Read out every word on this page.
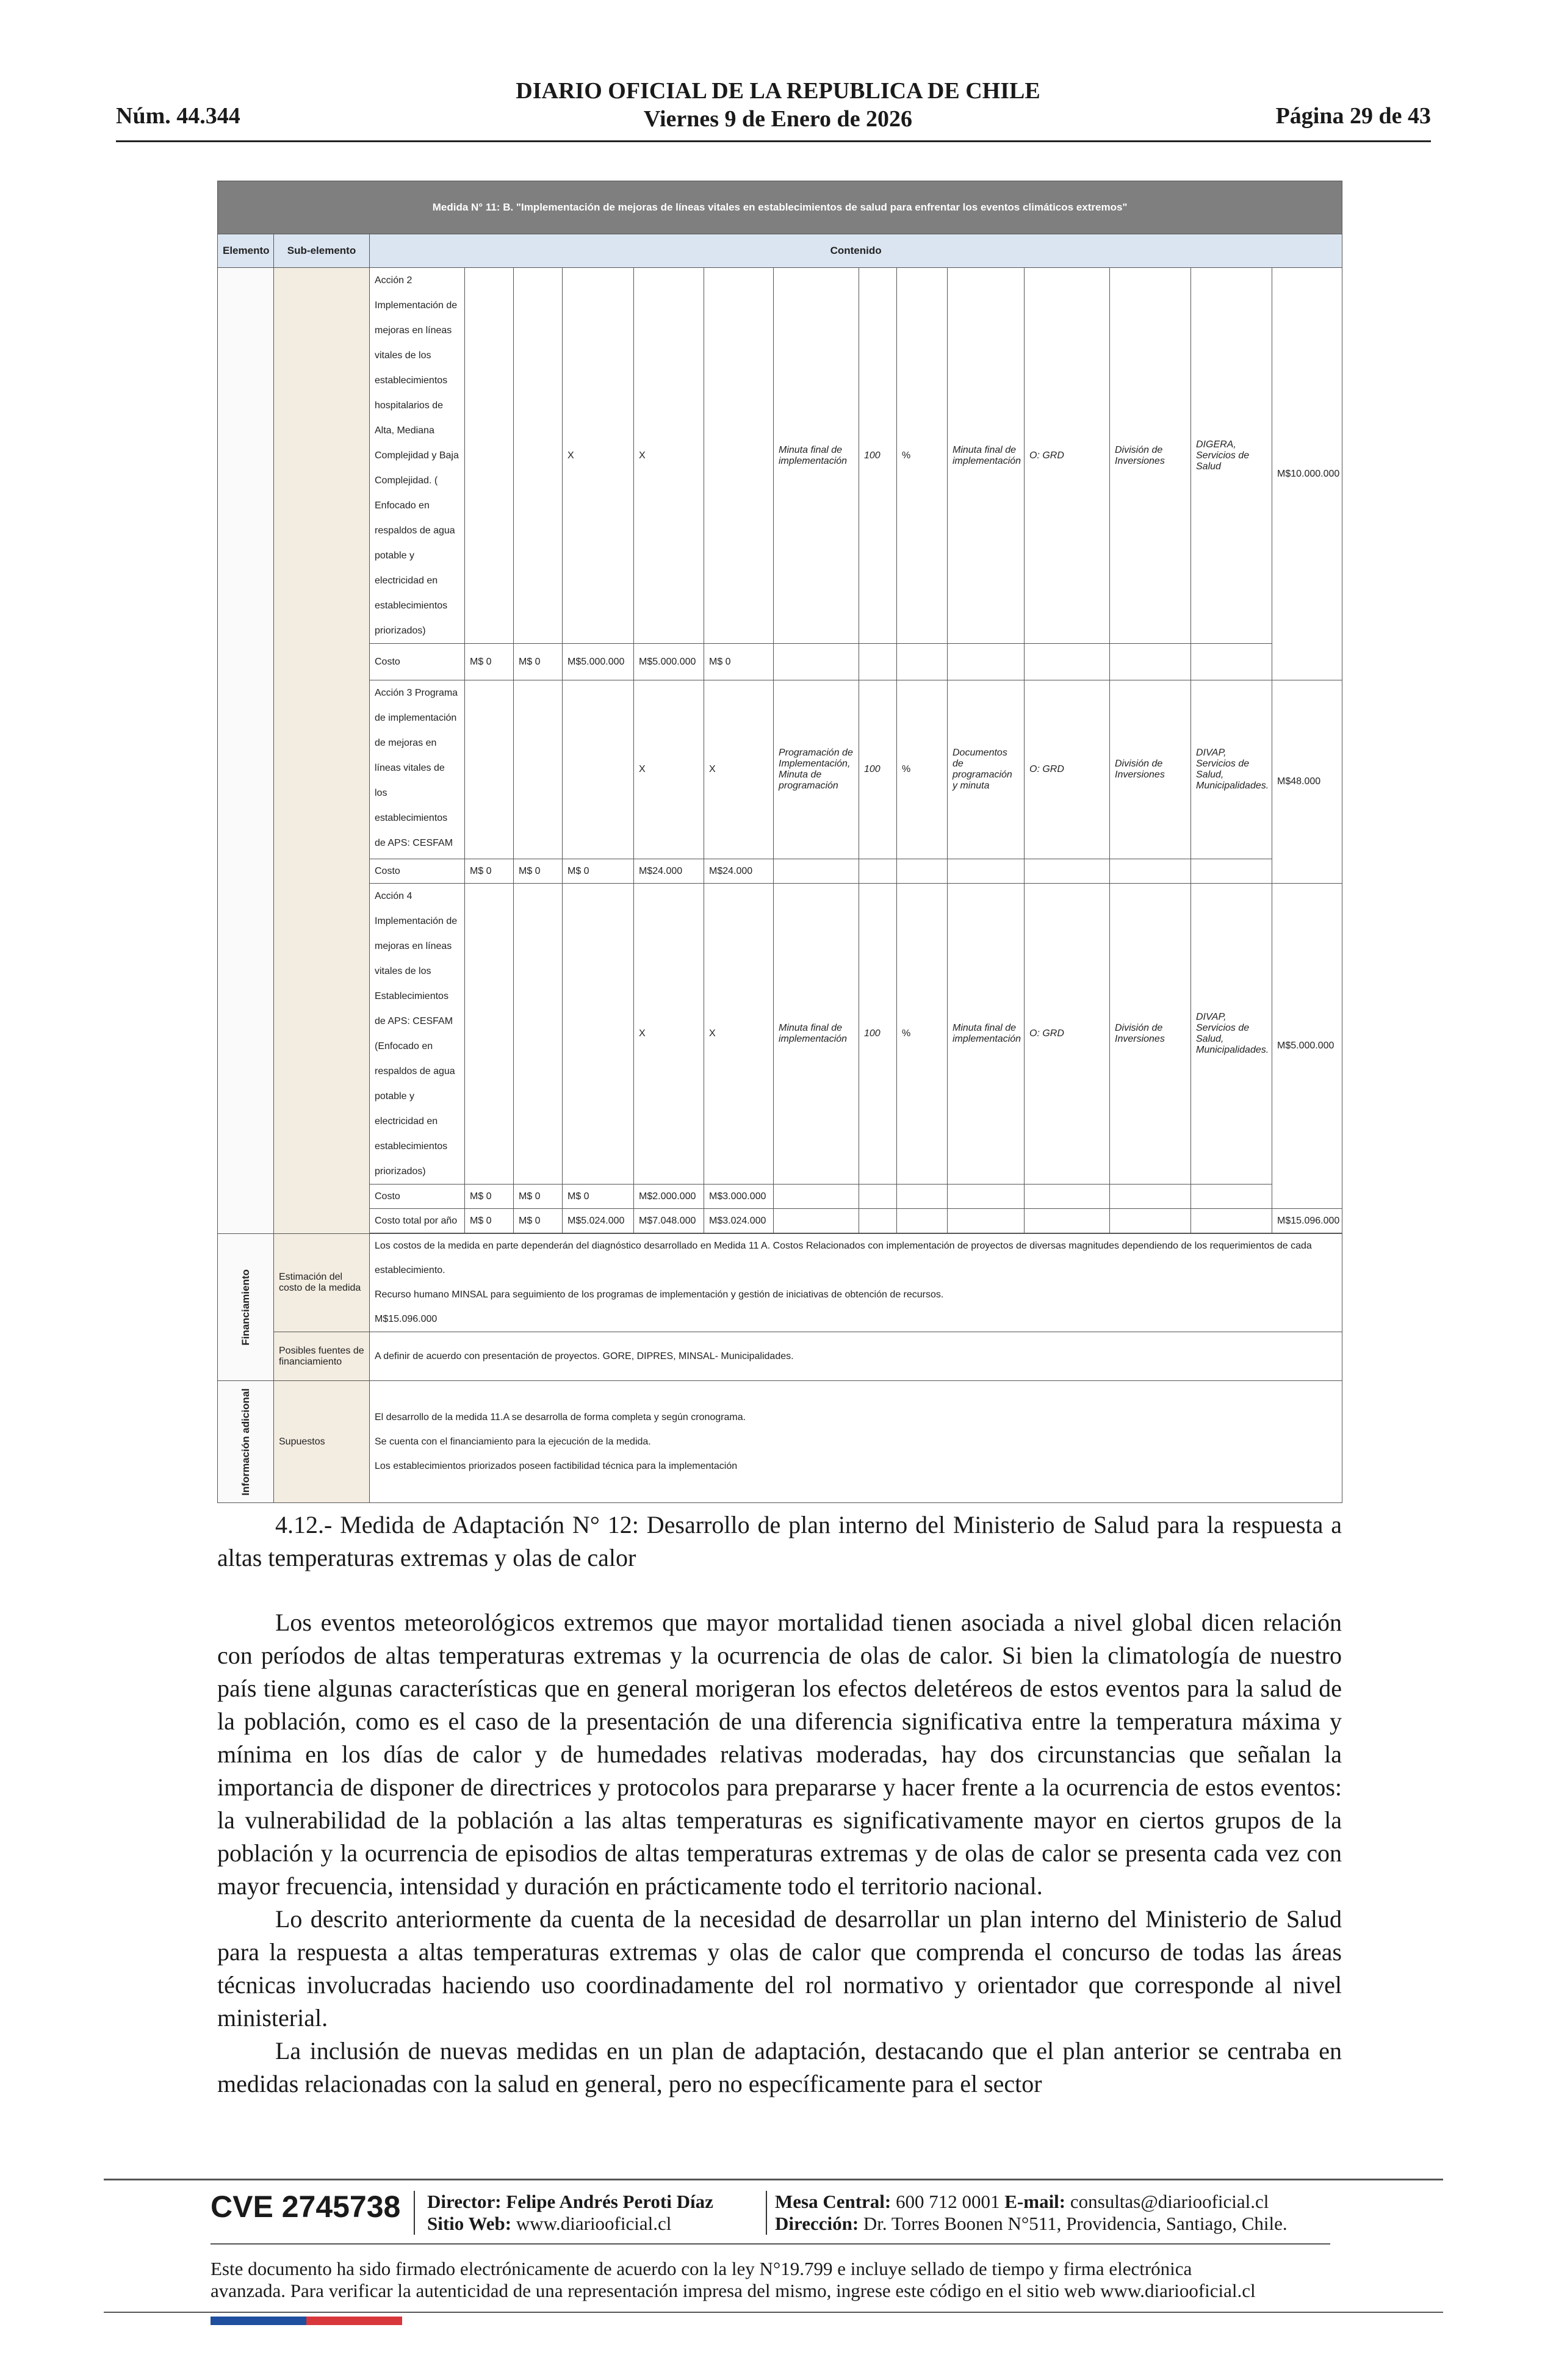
DIARIO OFICIAL DE LA REPUBLICA DE CHILE
Viernes 9 de Enero de 2026
Núm. 44.344	Página 29 de 43
Medida N° 11: B. "Implementación de mejoras de líneas vitales en establecimientos de salud para enfrentar los eventos climáticos extremos"															
Elemento	Sub-elemento	Contenido													
		Acción 2 Implementación de mejoras en líneas vitales de los establecimientos hospitalarios de Alta, Mediana Complejidad y Baja Complejidad. ( Enfocado en respaldos de agua potable y electricidad en establecimientos priorizados)			X	X		Minuta final de implementación	100	%	Minuta final de implementación	O: GRD	División de Inversiones	DIGERA, Servicios de Salud	M$10.000.000
		Costo	M$ 0	M$ 0	M$5.000.000	M$5.000.000	M$ 0								
		Acción 3 Programa de implementación de mejoras en líneas vitales de los establecimientos de APS: CESFAM				X	X	Programación de Implementación, Minuta de programación	100	%	Documentos de programación y minuta	O: GRD	División de Inversiones	DIVAP, Servicios de Salud, Municipalidades.	M$48.000
		Costo	M$ 0	M$ 0	M$ 0	M$24.000	M$24.000								
		Acción 4 Implementación de mejoras en líneas vitales de los Establecimientos de APS: CESFAM (Enfocado en respaldos de agua potable y electricidad en establecimientos priorizados)				X	X	Minuta final de implementación	100	%	Minuta final de implementación	O: GRD	División de Inversiones	DIVAP, Servicios de Salud, Municipalidades.	M$5.000.000
		Costo	M$ 0	M$ 0	M$ 0	M$2.000.000	M$3.000.000								
		Costo total por año	M$ 0	M$ 0	M$5.024.000	M$7.048.000	M$3.024.000								M$15.096.000

Financiamiento	Estimación del costo de la medida	Los costos de la medida en parte dependerán del diagnóstico desarrollado en Medida 11 A. Costos Relacionados con implementación de proyectos de diversas magnitudes dependiendo de los requerimientos de cada establecimiento.
Recurso humano MINSAL para seguimiento de los programas de implementación y gestión de iniciativas de obtención de recursos.
M$15.096.000													

	Posibles fuentes de financiamiento	A definir de acuerdo con presentación de proyectos. GORE, DIPRES, MINSAL- Municipalidades.													

Información adicional	Supuestos	El desarrollo de la medida 11.A se desarrolla de forma completa y según cronograma.
Se cuenta con el financiamiento para la ejecución de la medida.
Los establecimientos priorizados poseen factibilidad técnica para la implementación													

4.12.- Medida de Adaptación N° 12: Desarrollo de plan interno del Ministerio de Salud para la respuesta a altas temperaturas extremas y olas de calor

Los eventos meteorológicos extremos que mayor mortalidad tienen asociada a nivel global dicen relación con períodos de altas temperaturas extremas y la ocurrencia de olas de calor. Si bien la climatología de nuestro país tiene algunas características que en general morigeran los efectos deletéreos de estos eventos para la salud de la población, como es el caso de la presentación de una diferencia significativa entre la temperatura máxima y mínima en los días de calor y de humedades relativas moderadas, hay dos circunstancias que señalan la importancia de disponer de directrices y protocolos para prepararse y hacer frente a la ocurrencia de estos eventos: la vulnerabilidad de la población a las altas temperaturas es significativamente mayor en ciertos grupos de la población y la ocurrencia de episodios de altas temperaturas extremas y de olas de calor se presenta cada vez con mayor frecuencia, intensidad y duración en prácticamente todo el territorio nacional.

Lo descrito anteriormente da cuenta de la necesidad de desarrollar un plan interno del Ministerio de Salud para la respuesta a altas temperaturas extremas y olas de calor que comprenda el concurso de todas las áreas técnicas involucradas haciendo uso coordinadamente del rol normativo y orientador que corresponde al nivel ministerial.

La inclusión de nuevas medidas en un plan de adaptación, destacando que el plan anterior se centraba en medidas relacionadas con la salud en general, pero no específicamente para el sector

CVE 2745738 Director: Felipe Andrés Peroti Díaz
Sitio Web: www.diariooficial.cl
Mesa Central: 600 712 0001 E-mail: consultas@diariooficial.cl
Dirección: Dr. Torres Boonen N°511, Providencia, Santiago, Chile.
Este documento ha sido firmado electrónicamente de acuerdo con la ley N°19.799 e incluye sellado de tiempo y firma electrónica
avanzada. Para verificar la autenticidad de una representación impresa del mismo, ingrese este código en el sitio web www.diariooficial.cl
